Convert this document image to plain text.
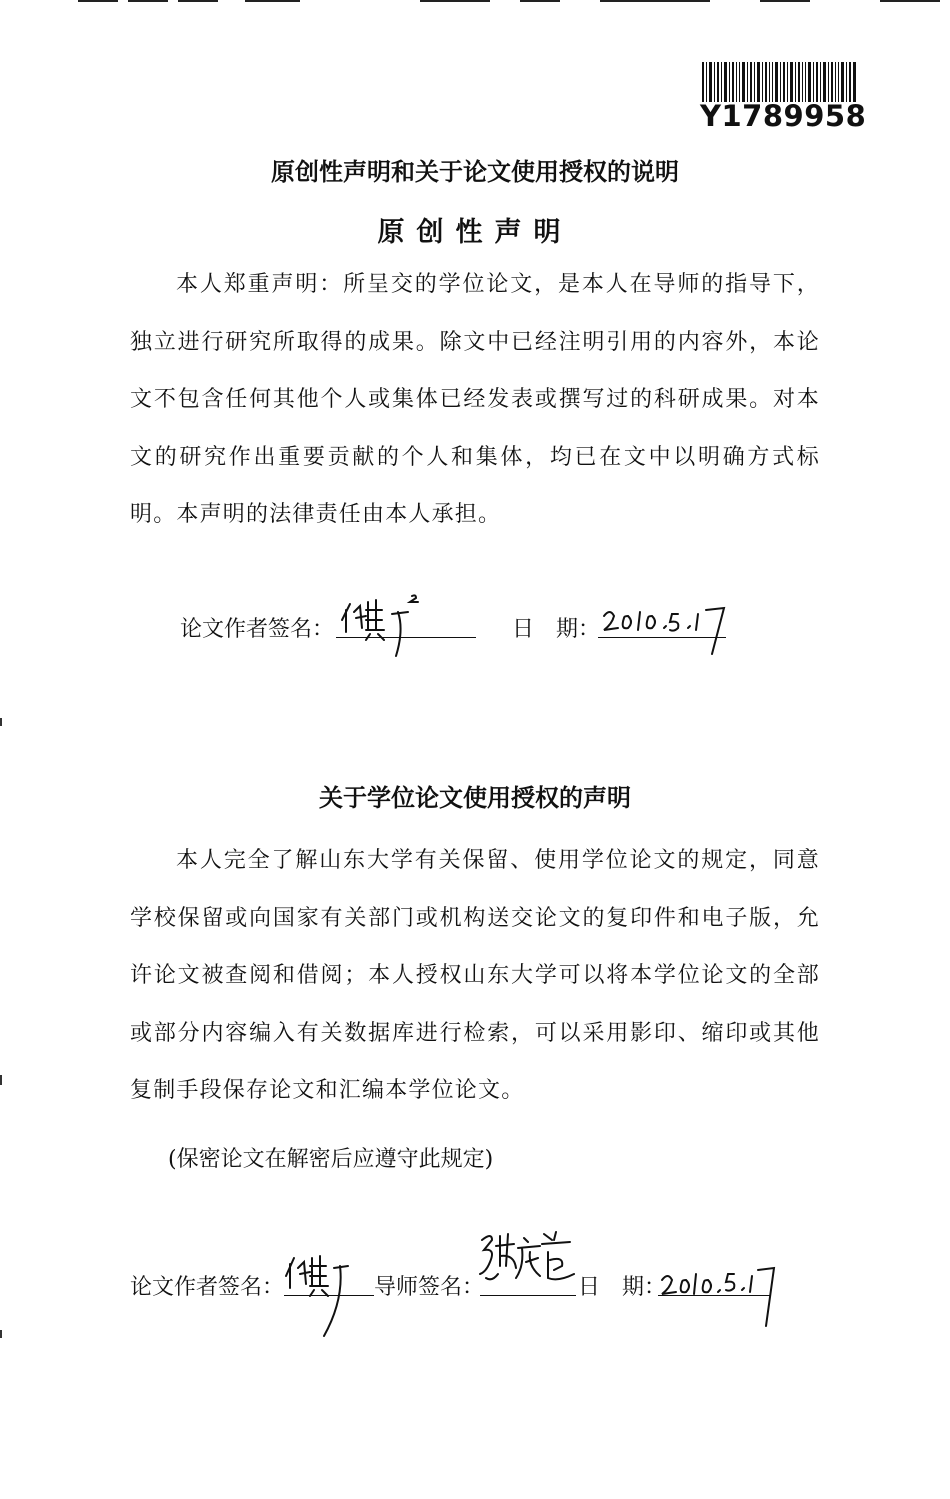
Y1789958
原创性声明和关于论文使用授权的说明
原创性声明
本人郑重声明：所呈交的学位论文，是本人在导师的指导下，独立进行研究所取得的成果。除文中已经注明引用的内容外，本论文不包含任何其他个人或集体已经发表或撰写过的科研成果。对本文的研究作出重要贡献的个人和集体，均已在文中以明确方式标明。本声明的法律责任由本人承担。
论文作者签名：	日　期：
关于学位论文使用授权的声明
本人完全了解山东大学有关保留、使用学位论文的规定，同意学校保留或向国家有关部门或机构送交论文的复印件和电子版，允许论文被查阅和借阅；本人授权山东大学可以将本学位论文的全部或部分内容编入有关数据库进行检索，可以采用影印、缩印或其他复制手段保存论文和汇编本学位论文。
(保密论文在解密后应遵守此规定)
论文作者签名：	导师签名：	日　期：
